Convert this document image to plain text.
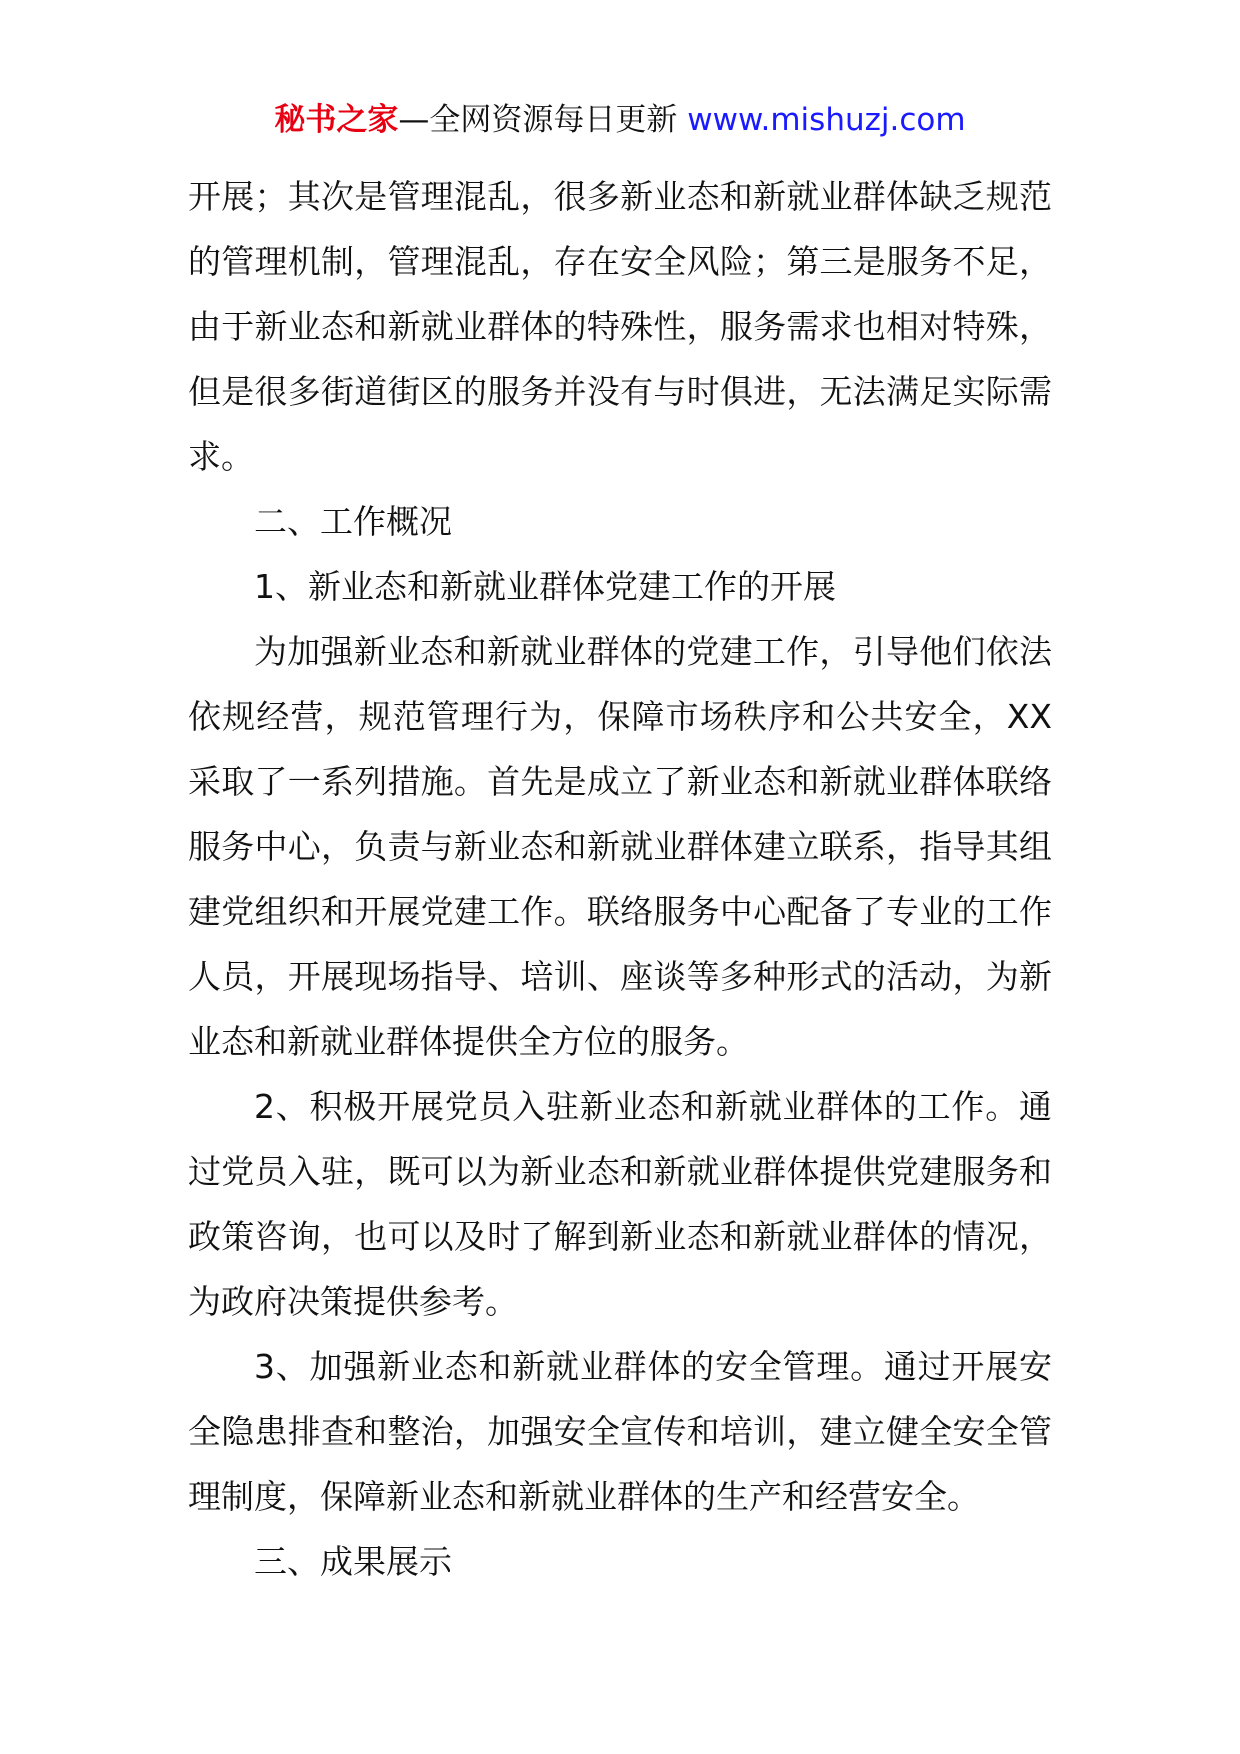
秘书之家—全网资源每日更新 www.mishuzj.com

开展；其次是管理混乱，很多新业态和新就业群体缺乏规范的管理机制，管理混乱，存在安全风险；第三是服务不足，由于新业态和新就业群体的特殊性，服务需求也相对特殊，但是很多街道街区的服务并没有与时俱进，无法满足实际需求。

二、工作概况

1、新业态和新就业群体党建工作的开展

为加强新业态和新就业群体的党建工作，引导他们依法依规经营，规范管理行为，保障市场秩序和公共安全，XX采取了一系列措施。首先是成立了新业态和新就业群体联络服务中心，负责与新业态和新就业群体建立联系，指导其组建党组织和开展党建工作。联络服务中心配备了专业的工作人员，开展现场指导、培训、座谈等多种形式的活动，为新业态和新就业群体提供全方位的服务。

2、积极开展党员入驻新业态和新就业群体的工作。通过党员入驻，既可以为新业态和新就业群体提供党建服务和政策咨询，也可以及时了解到新业态和新就业群体的情况，为政府决策提供参考。

3、加强新业态和新就业群体的安全管理。通过开展安全隐患排查和整治，加强安全宣传和培训，建立健全安全管理制度，保障新业态和新就业群体的生产和经营安全。

三、成果展示
